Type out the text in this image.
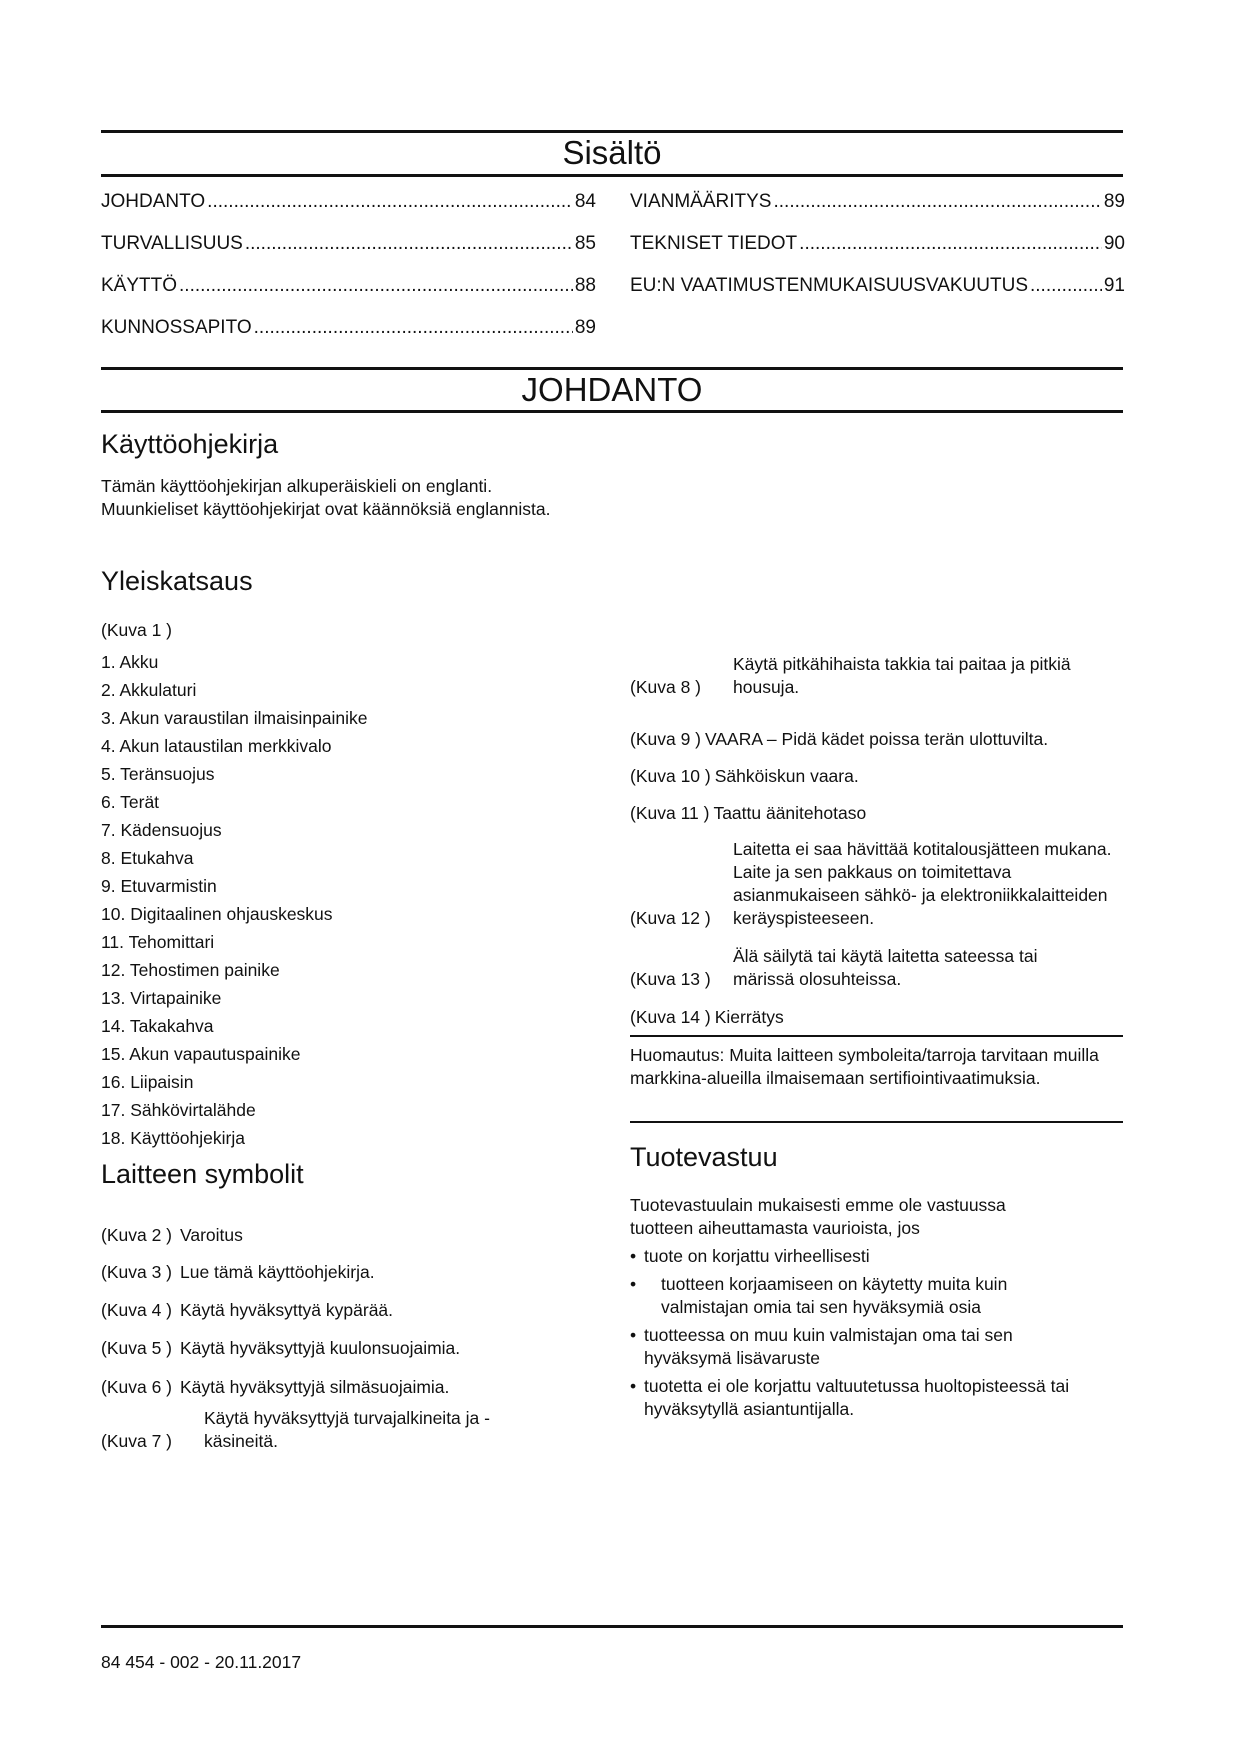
Sisältö
JOHDANTO .....	84
TURVALLISUUS .....	85
KÄYTTÖ .....	88
KUNNOSSAPITO .....	89
VIANMÄÄRITYS .....	89
TEKNISET TIEDOT .....	90
EU:N VAATIMUSTENMUKAISUUSVAKUUTUS .....	91
JOHDANTO
Käyttöohjekirja

Tämän käyttöohjekirjan alkuperäiskieli on englanti. Muunkieliset käyttöohjekirjat ovat käännöksiä englannista.

Yleiskatsaus

(Kuva 1 )

1. Akku
2. Akkulaturi
3. Akun varaustilan ilmaisinpainike
4. Akun lataustilan merkkivalo
5. Teränsuojus
6. Terät
7. Kädensuojus
8. Etukahva
9. Etuvarmistin
10. Digitaalinen ohjauskeskus
11. Tehomittari
12. Tehostimen painike
13. Virtapainike
14. Takakahva
15. Akun vapautuspainike
16. Liipaisin
17. Sähkövirtalähde
18. Käyttöohjekirja
Laitteen symbolit
(Kuva 2 ) Varoitus
(Kuva 3 ) Lue tämä käyttöohjekirja.
(Kuva 4 ) Käytä hyväksyttyä kypärää.
(Kuva 5 ) Käytä hyväksyttyjä kuulonsuojaimia.
(Kuva 6 ) Käytä hyväksyttyjä silmäsuojaimia.
(Kuva 7 )
Käytä hyväksyttyjä turvajalkineita ja -käsineitä.
(Kuva 8 )
Käytä pitkähihaista takkia tai paitaa ja pitkiä housuja.
(Kuva 9 ) VAARA – Pidä kädet poissa terän ulottuvilta.
(Kuva 10 ) Sähköiskun vaara.
(Kuva 11 ) Taattu äänitehotaso
(Kuva 12 )
Laitetta ei saa hävittää kotitalousjätteen mukana. Laite ja sen pakkaus on toimitettava asianmukaiseen sähkö- ja elektroniikkalaitteiden keräyspisteeseen.
(Kuva 13 )
Älä säilytä tai käytä laitetta sateessa tai märissä olosuhteissa.
(Kuva 14 ) Kierrätys

Huomautus: Muita laitteen symboleita/tarroja tarvitaan muilla markkina-alueilla ilmaisemaan sertifiointivaatimuksia.

Tuotevastuu

Tuotevastuulain mukaisesti emme ole vastuussa tuotteen aiheuttamasta vaurioista, jos

• tuote on korjattu virheellisesti
•	tuotteen korjaamiseen on käytetty muita kuin valmistajan omia tai sen hyväksymiä osia
• tuotteessa on muu kuin valmistajan oma tai sen hyväksymä lisävaruste
• tuotetta ei ole korjattu valtuutetussa huoltopisteessä tai hyväksytyllä asiantuntijalla.
84 454 - 002 - 20.11.2017
